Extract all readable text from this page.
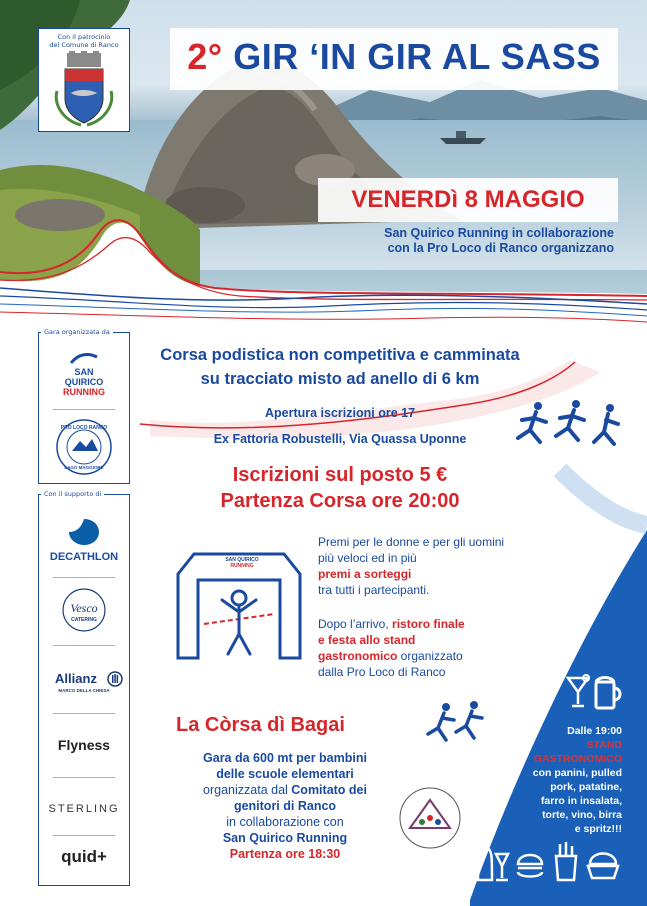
2° GIR ‘IN GIR AL SASS
VENERDì 8 MAGGIO
San Quirico Running in collaborazione
con la Pro Loco di Ranco organizzano
Con il patrocinio
del Comune di Ranco
Gara organizzata da
SAN
QUIRICO
RUNNING
PRO LOCO RANCO
LAGO MAGGIORE
Con il supporto di
DECATHLON
Vesco
CATERING
Allianz
MARCO DELLA CHIESA
Flyness
STERLING
quid+
Corsa podistica non competitiva e camminata
su tracciato misto ad anello di 6 km
Apertura iscrizioni ore 17
Ex Fattoria Robustelli, Via Quassa Uponne
Iscrizioni sul posto 5 €
Partenza Corsa ore 20:00
SAN QUIRICO
RUNNING
Premi per le donne e per gli uomini
più veloci ed in più
premi a sorteggi
tra tutti i partecipanti.
Dopo l’arrivo, ristoro finale
e festa allo stand
gastronomico organizzato
dalla Pro Loco di Ranco
La Còrsa dì Bagai
Gara da 600 mt per bambini
delle scuole elementari
organizzata dal Comitato dei
genitori di Ranco
in collaborazione con
San Quirico Running
Partenza ore 18:30
Dalle 19:00
STAND
GASTRONOMICO
con panini, pulled
pork, patatine,
farro in insalata,
torte, vino, birra
e spritz!!!
